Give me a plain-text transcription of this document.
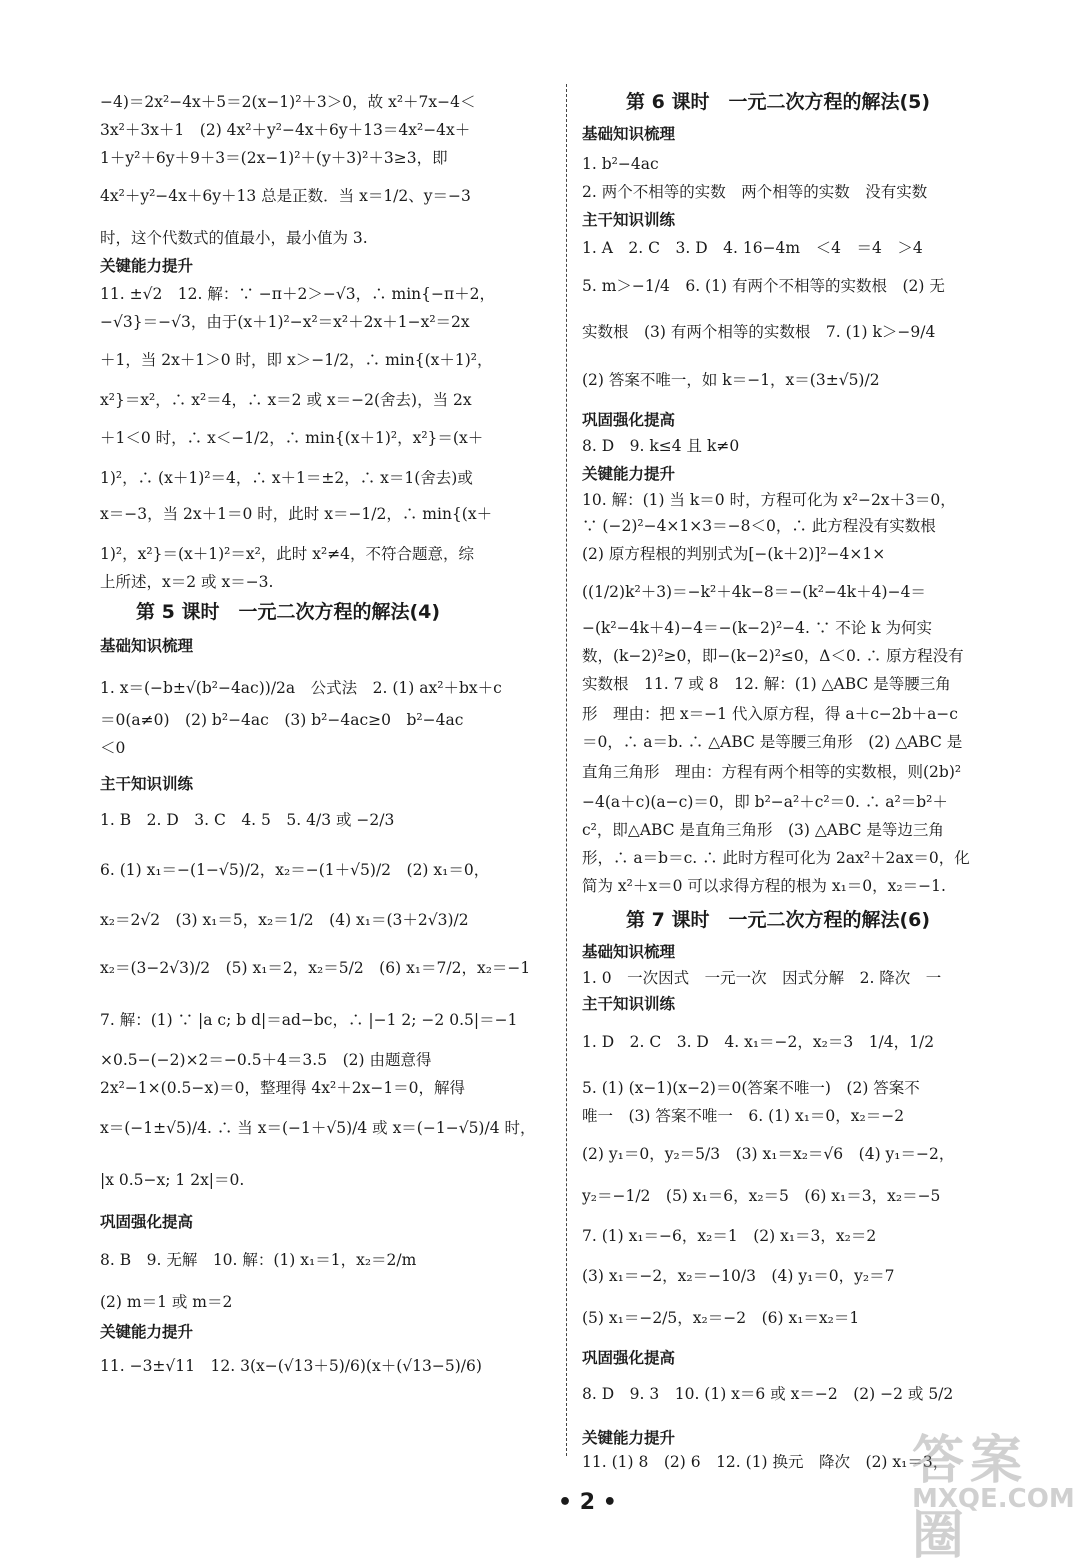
−4)＝2x²−4x＋5＝2(x−1)²＋3＞0，故 x²＋7x−4＜
3x²＋3x＋1　(2) 4x²＋y²−4x＋6y＋13＝4x²−4x＋
1＋y²＋6y＋9＋3＝(2x−1)²＋(y＋3)²＋3≥3，即
4x²＋y²−4x＋6y＋13 总是正数．当 x＝1/2、y＝−3
时，这个代数式的值最小，最小值为 3.
关键能力提升
11. ±√2　12. 解：∵ −π＋2＞−√3，∴ min{−π＋2，
−√3}＝−√3，由于(x＋1)²−x²＝x²＋2x＋1−x²＝2x
＋1，当 2x＋1＞0 时，即 x＞−1/2，∴ min{(x＋1)²，
x²}＝x²，∴ x²＝4，∴ x＝2 或 x＝−2(舍去)，当 2x
＋1＜0 时，∴ x＜−1/2，∴ min{(x＋1)²，x²}＝(x＋
1)²，∴ (x＋1)²＝4，∴ x＋1＝±2，∴ x＝1(舍去)或
x＝−3，当 2x＋1＝0 时，此时 x＝−1/2，∴ min{(x＋
1)²，x²}＝(x＋1)²＝x²，此时 x²≠4，不符合题意，综
上所述，x＝2 或 x＝−3.
第 5 课时　一元二次方程的解法(4)
基础知识梳理
1. x＝(−b±√(b²−4ac))/2a　公式法　2. (1) ax²＋bx＋c
＝0(a≠0)　(2) b²−4ac　(3) b²−4ac≥0　b²−4ac
＜0
主干知识训练
1. B　2. D　3. C　4. 5　5. 4/3 或 −2/3
6. (1) x₁＝−(1−√5)/2，x₂＝−(1＋√5)/2　(2) x₁＝0，
x₂＝2√2　(3) x₁＝5，x₂＝1/2　(4) x₁＝(3＋2√3)/2
x₂＝(3−2√3)/2　(5) x₁＝2，x₂＝5/2　(6) x₁＝7/2，x₂＝−1
7. 解：(1) ∵ |a c; b d|＝ad−bc，∴ |−1 2; −2 0.5|＝−1
×0.5−(−2)×2＝−0.5＋4＝3.5　(2) 由题意得
2x²−1×(0.5−x)＝0，整理得 4x²＋2x−1＝0，解得
x＝(−1±√5)/4. ∴ 当 x＝(−1＋√5)/4 或 x＝(−1−√5)/4 时，
|x 0.5−x; 1 2x|＝0.
巩固强化提高
8. B　9. 无解　10. 解：(1) x₁＝1，x₂＝2/m
(2) m＝1 或 m＝2
关键能力提升
11. −3±√11　12. 3(x−(√13＋5)/6)(x＋(√13−5)/6)
第 6 课时　一元二次方程的解法(5)
基础知识梳理
1. b²−4ac
2. 两个不相等的实数　两个相等的实数　没有实数
主干知识训练
1. A　2. C　3. D　4. 16−4m　＜4　＝4　＞4
5. m＞−1/4　6. (1) 有两个不相等的实数根　(2) 无
实数根　(3) 有两个相等的实数根　7. (1) k＞−9/4
(2) 答案不唯一，如 k＝−1，x＝(3±√5)/2
巩固强化提高
8. D　9. k≤4 且 k≠0
关键能力提升
10. 解：(1) 当 k＝0 时，方程可化为 x²−2x＋3＝0，
∵ (−2)²−4×1×3＝−8＜0，∴ 此方程没有实数根
(2) 原方程根的判别式为[−(k＋2)]²−4×1×
((1/2)k²＋3)＝−k²＋4k−8＝−(k²−4k＋4)−4＝
−(k²−4k＋4)−4＝−(k−2)²−4. ∵ 不论 k 为何实
数，(k−2)²≥0，即−(k−2)²≤0，Δ＜0. ∴ 原方程没有
实数根　11. 7 或 8　12. 解：(1) △ABC 是等腰三角
形　理由：把 x＝−1 代入原方程，得 a＋c−2b＋a−c
＝0，∴ a＝b. ∴ △ABC 是等腰三角形　(2) △ABC 是
直角三角形　理由：方程有两个相等的实数根，则(2b)²
−4(a＋c)(a−c)＝0，即 b²−a²＋c²＝0. ∴ a²＝b²＋
c²，即△ABC 是直角三角形　(3) △ABC 是等边三角
形，∴ a＝b＝c. ∴ 此时方程可化为 2ax²＋2ax＝0，化
简为 x²＋x＝0 可以求得方程的根为 x₁＝0，x₂＝−1.
第 7 课时　一元二次方程的解法(6)
基础知识梳理
1. 0　一次因式　一元一次　因式分解　2. 降次　一
主干知识训练
1. D　2. C　3. D　4. x₁＝−2，x₂＝3　1/4，1/2
5. (1) (x−1)(x−2)＝0(答案不唯一)　(2) 答案不
唯一　(3) 答案不唯一　6. (1) x₁＝0，x₂＝−2
(2) y₁＝0，y₂＝5/3　(3) x₁＝x₂＝√6　(4) y₁＝−2，
y₂＝−1/2　(5) x₁＝6，x₂＝5　(6) x₁＝3，x₂＝−5
7. (1) x₁＝−6，x₂＝1　(2) x₁＝3，x₂＝2
(3) x₁＝−2，x₂＝−10/3　(4) y₁＝0，y₂＝7
(5) x₁＝−2/5，x₂＝−2　(6) x₁＝x₂＝1
巩固强化提高
8. D　9. 3　10. (1) x＝6 或 x＝−2　(2) −2 或 5/2
关键能力提升
11. (1) 8　(2) 6　12. (1) 换元　降次　(2) x₁＝3，
• 2 •
答案圈
MXQE.COM
